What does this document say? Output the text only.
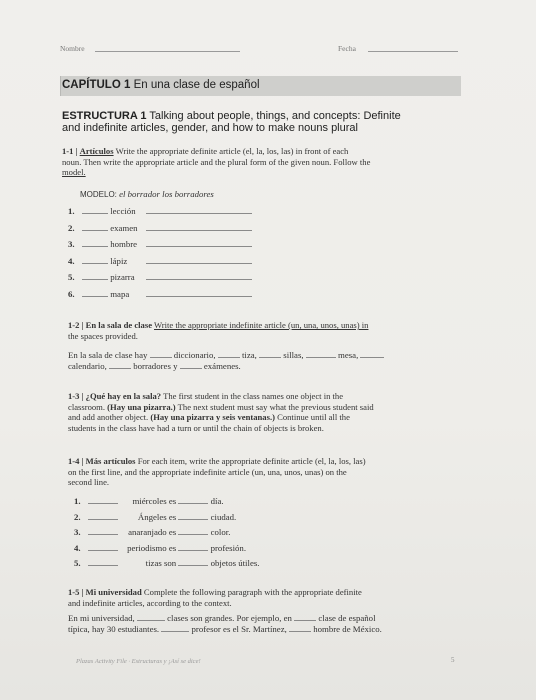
Nombre	Fecha
CAPÍTULO 1 En una clase de español
ESTRUCTURA 1 Talking about people, things, and concepts: Definite
and indefinite articles, gender, and how to make nouns plural
1-1 | Artículos Write the appropriate definite article (el, la, los, las) in front of each
noun. Then write the appropriate article and the plural form of the given noun. Follow the
model.
MODELO: el borrador los borradores
1.	lección
2.	examen
3.	hombre
4.	lápiz
5.	pizarra
6.	mapa
1-2 | En la sala de clase Write the appropriate indefinite article (un, una, unos, unas) in
the spaces provided.
En la sala de clase hay	diccionario,	tiza,	sillas,	mesa,
calendario,	borradores y	exámenes.
1-3 | ¿Qué hay en la sala? The first student in the class names one object in the
classroom. (Hay una pizarra.) The next student must say what the previous student said
and add another object. (Hay una pizarra y seis ventanas.) Continue until all the
students in the class have had a turn or until the chain of objects is broken.
1-4 | Más artículos For each item, write the appropriate definite article (el, la, los, las)
on the first line, and the appropriate indefinite article (un, una, unos, unas) on the
second line.
1.	miércoles es	día.
2.	Ángeles es	ciudad.
3.	anaranjado es	color.
4.	periodismo es	profesión.
5.	tizas son	objetos útiles.
1-5 | Mi universidad Complete the following paragraph with the appropriate definite
and indefinite articles, according to the context.
En mi universidad,	clases son grandes. Por ejemplo, en	clase de español
típica, hay 30 estudiantes.	profesor es el Sr. Martínez,	hombre de México.
Plazas Activity File · Estructuras y ¡Así se dice!	5
